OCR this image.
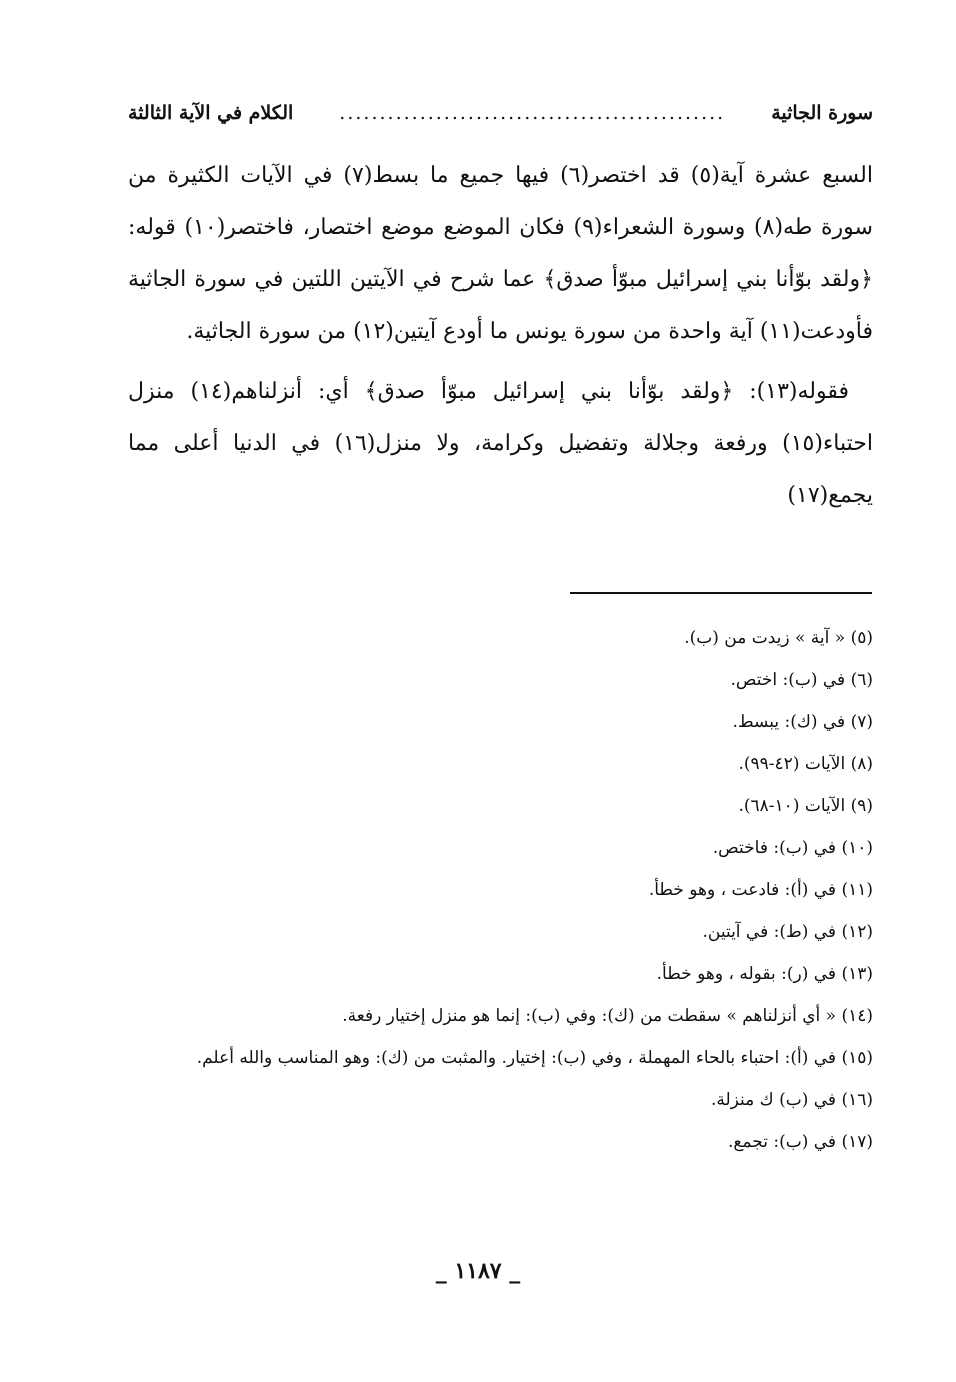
سورة الجاثية
................................................
الكلام في الآية الثالثة

السبع عشرة آية(٥) قد اختصر(٦) فيها جميع ما بسط(٧) في الآيات الكثيرة من سورة طه(٨) وسورة الشعراء(٩) فكان الموضع موضع اختصار، فاختصر(١٠) قوله: ﴿ولقد بوّأنا بني إسرائيل مبوّأ صدق﴾ عما شرح في الآيتين اللتين في سورة الجاثية فأودعت(١١) آية واحدة من سورة يونس ما أودع آيتين(١٢) من سورة الجاثية.

فقوله(١٣): ﴿ولقد بوّأنا بني إسرائيل مبوّأ صدق﴾ أي: أنزلناهم(١٤) منزل احتباء(١٥) ورفعة وجلالة وتفضيل وكرامة، ولا منزل(١٦) في الدنيا أعلى مما يجمع(١٧)

(٥) « آية » زيدت من (ب).

(٦) في (ب): اختص.

(٧) في (ك): يبسط.

(٨) الآيات (٤٢-٩٩).

(٩) الآيات (١٠-٦٨).

(١٠) في (ب): فاختص.

(١١) في (أ): فادعت ، وهو خطأ.

(١٢) في (ط): في آيتين.

(١٣) في (ر): بقوله ، وهو خطأ.

(١٤) « أي أنزلناهم » سقطت من (ك): وفي (ب): إنما هو منزل إختيار رفعة.

(١٥) في (أ): احتباء بالحاء المهملة ، وفي (ب): إختيار. والمثبت من (ك): وهو المناسب والله أعلم.

(١٦) في (ب) ك منزلة.

(١٧) في (ب): تجمع.

_ ١١٨٧ _
